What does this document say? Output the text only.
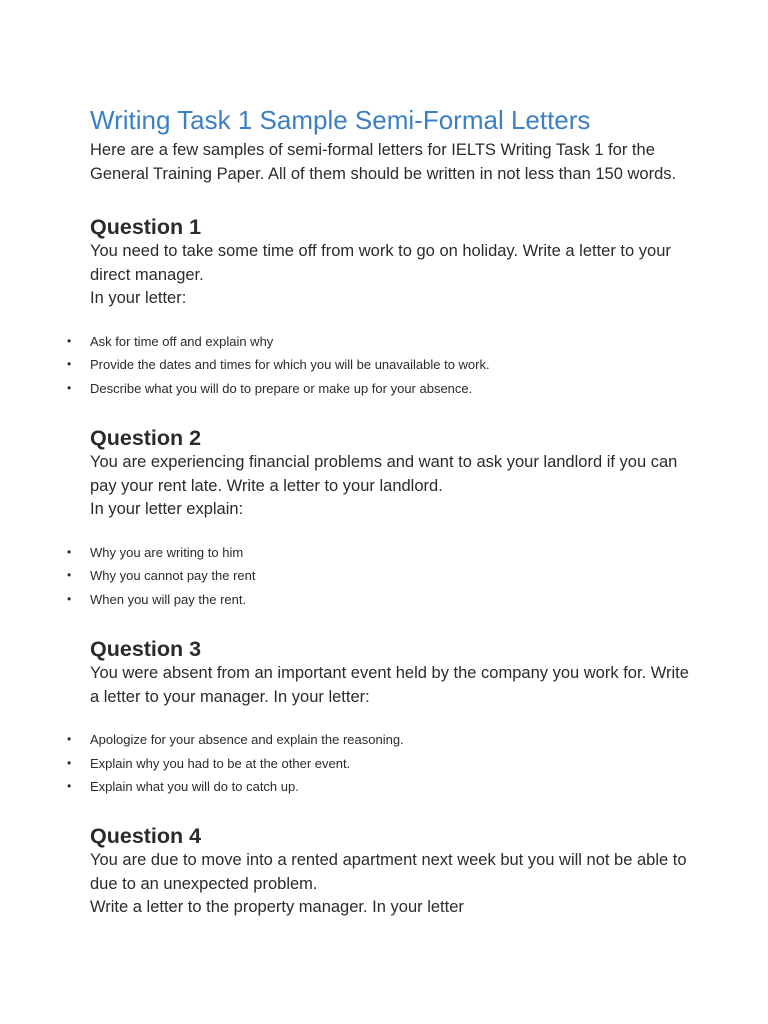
Writing Task 1 Sample Semi-Formal Letters

Here are a few samples of semi-formal letters for IELTS Writing Task 1 for the General Training Paper. All of them should be written in not less than 150 words.

Question 1

You need to take some time off from work to go on holiday. Write a letter to your direct manager.
In your letter:

• Ask for time off and explain why
• Provide the dates and times for which you will be unavailable to work.
• Describe what you will do to prepare or make up for your absence.
Question 2

You are experiencing financial problems and want to ask your landlord if you can pay your rent late. Write a letter to your landlord.
In your letter explain:

• Why you are writing to him
• Why you cannot pay the rent
• When you will pay the rent.
Question 3

You were absent from an important event held by the company you work for. Write a letter to your manager. In your letter:

• Apologize for your absence and explain the reasoning.
• Explain why you had to be at the other event.
• Explain what you will do to catch up.
Question 4

You are due to move into a rented apartment next week but you will not be able to due to an unexpected problem.
Write a letter to the property manager. In your letter
